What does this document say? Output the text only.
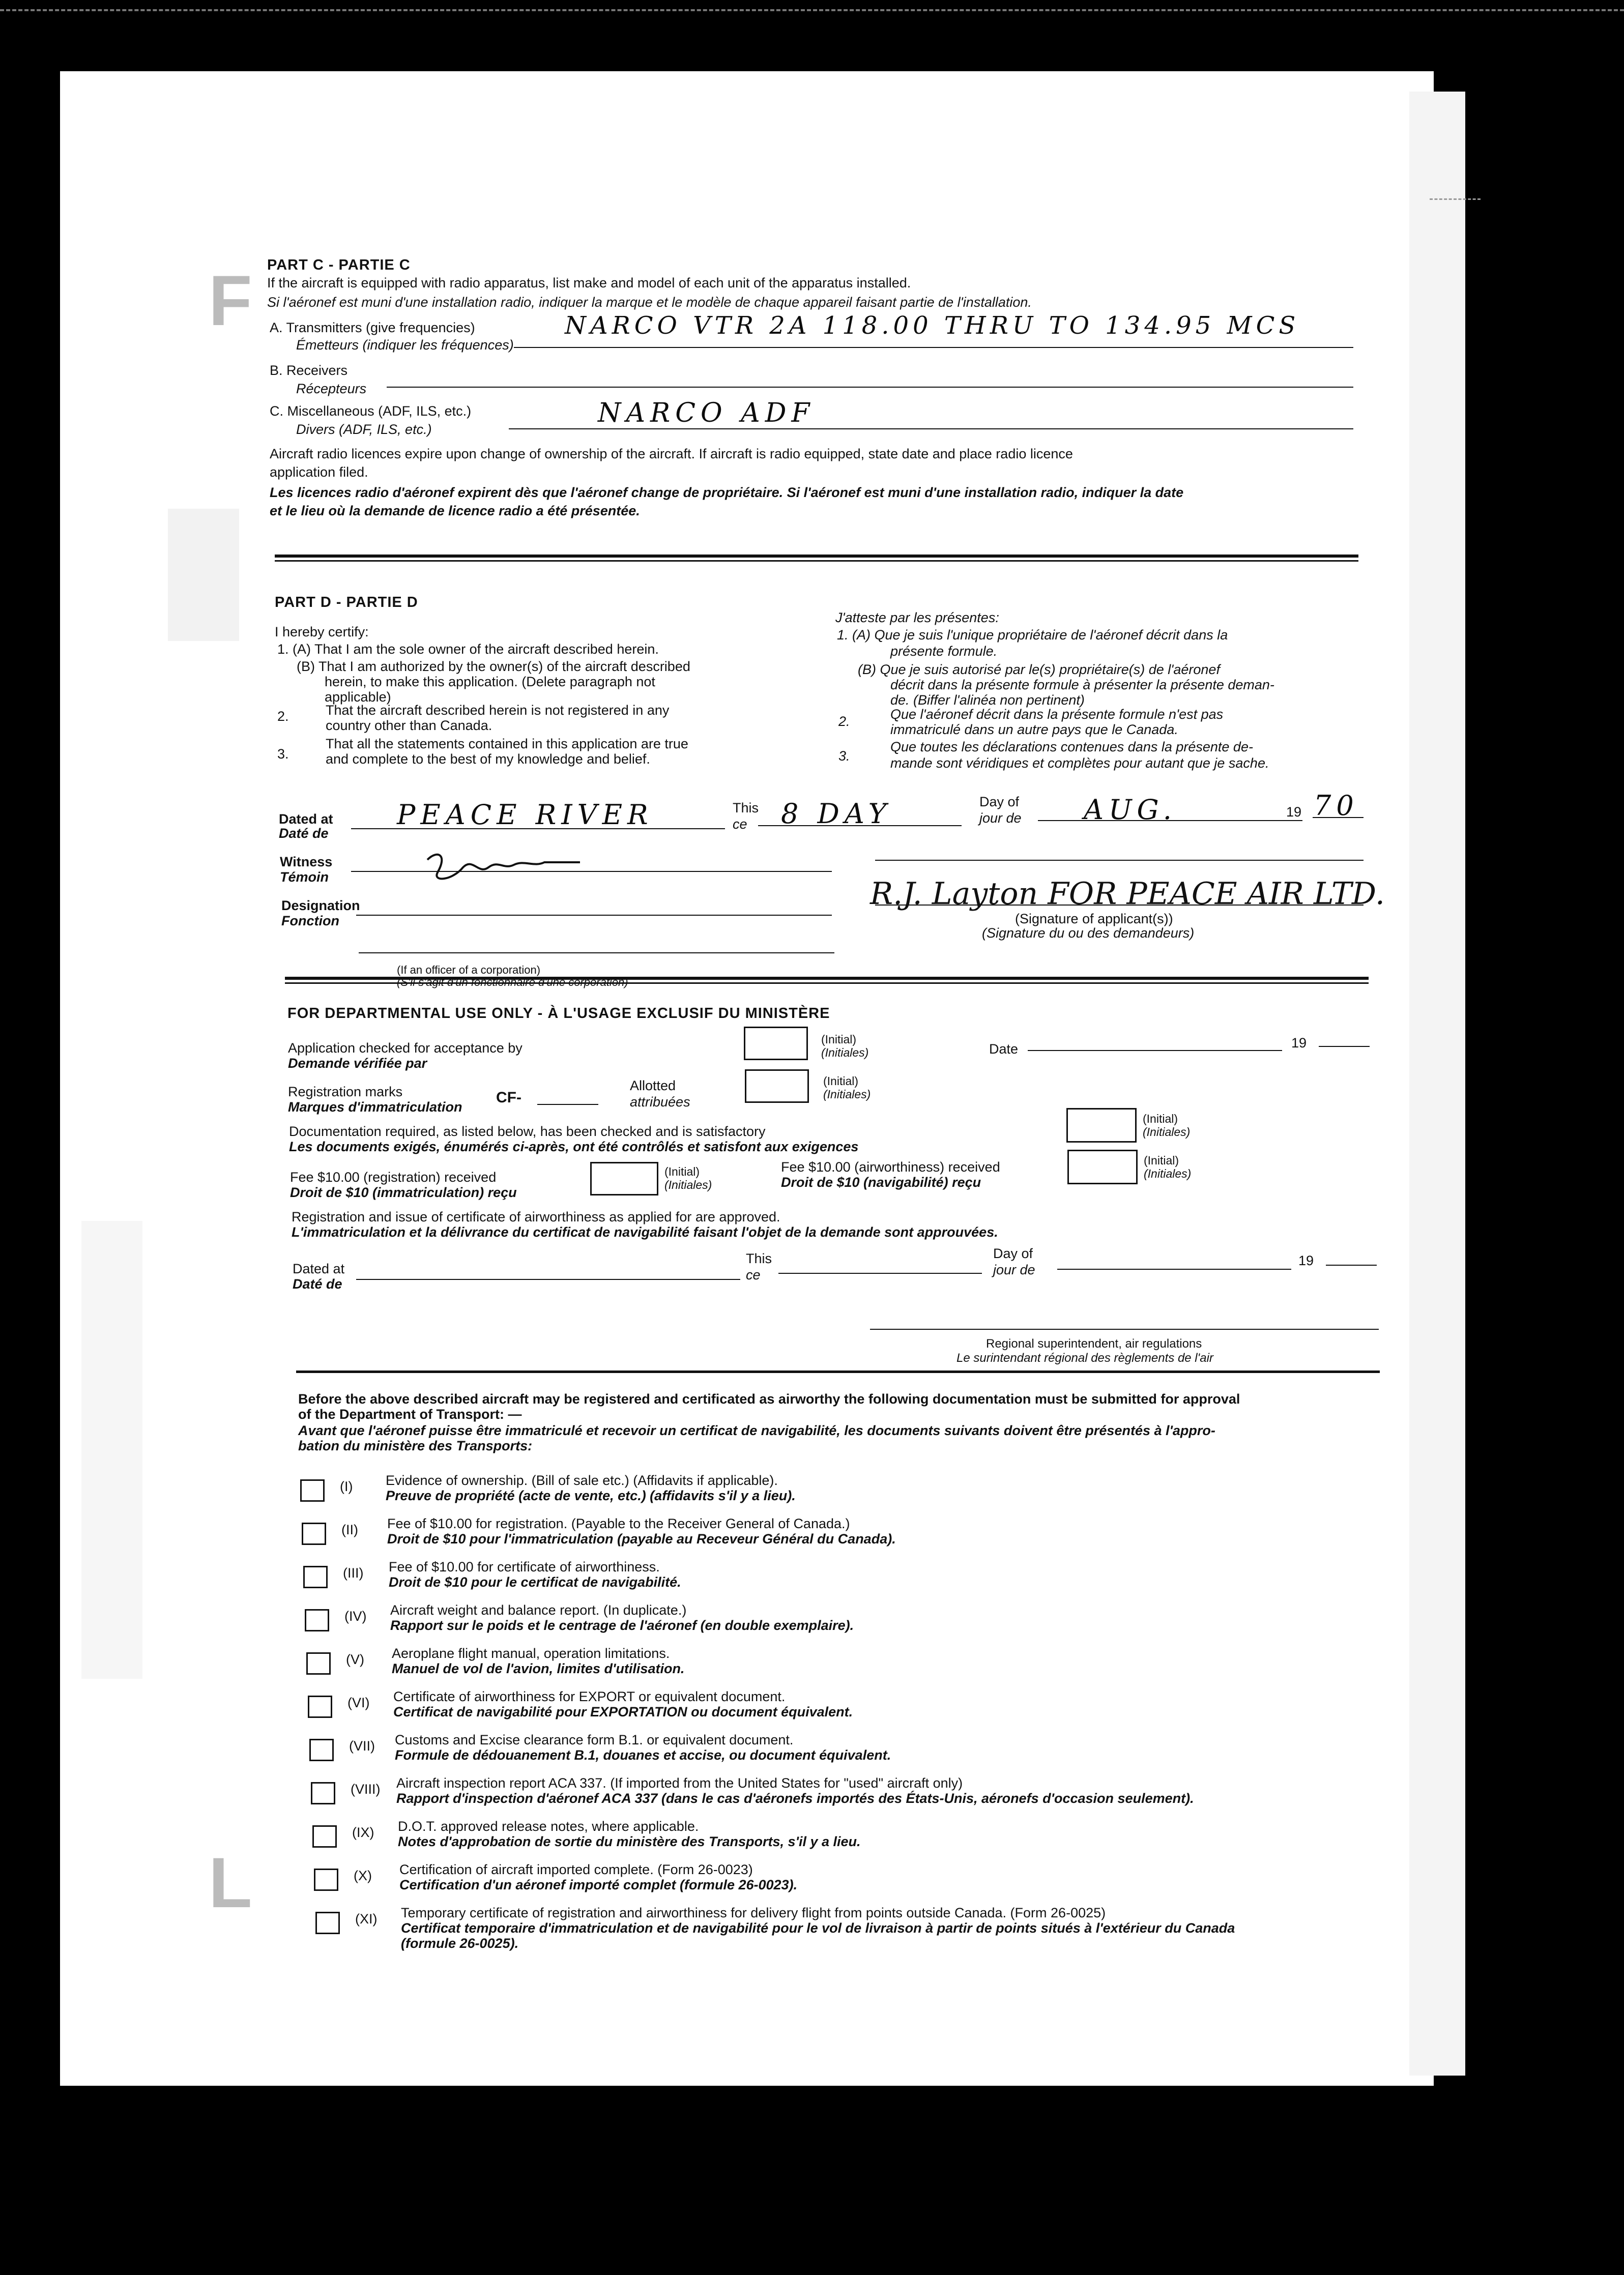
F
L
PART C - PARTIE C
If the aircraft is equipped with radio apparatus, list make and model of each unit of the apparatus installed.
Si l'aéronef est muni d'une installation radio, indiquer la marque et le modèle de chaque appareil faisant partie de l'installation.
A. Transmitters (give frequencies)
Émetteurs (indiquer les fréquences)
NARCO VTR 2A 118.00 THRU TO 134.95 MCS
B. Receivers
Récepteurs
C. Miscellaneous (ADF, ILS, etc.)
Divers (ADF, ILS, etc.)
NARCO ADF
Aircraft radio licences expire upon change of ownership of the aircraft. If aircraft is radio equipped, state date and place radio licence
application filed.
Les licences radio d'aéronef expirent dès que l'aéronef change de propriétaire. Si l'aéronef est muni d'une installation radio, indiquer la date
et le lieu où la demande de licence radio a été présentée.
PART D - PARTIE D
I hereby certify:
1. (A) That I am the sole owner of the aircraft described herein.
(B) That I am authorized by the owner(s) of the aircraft described
herein, to make this application. (Delete paragraph not
applicable)
2.	That the aircraft described herein is not registered in any
country other than Canada.
3.
That all the statements contained in this application are true
and complete to the best of my knowledge and belief.
J'atteste par les présentes:
1. (A) Que je suis l'unique propriétaire de l'aéronef décrit dans la
présente formule.
(B) Que je suis autorisé par le(s) propriétaire(s) de l'aéronef
décrit dans la présente formule à présenter la présente deman-
de. (Biffer l'alinéa non pertinent)
2.	Que l'aéronef décrit dans la présente formule n'est pas
immatriculé dans un autre pays que le Canada.
3.
Que toutes les déclarations contenues dans la présente de-
mande sont véridiques et complètes pour autant que je sache.
Dated at
Daté de
PEACE RIVER	This
ce 8 DAY	Day of
jour de AUG.	19 70
Witness
Témoin
Designation
Fonction
R.J. Layton FOR PEACE AIR LTD.
(Signature of applicant(s))
(Signature du ou des demandeurs)
(If an officer of a corporation)
(S'il s'agit d'un fonctionnaire d'une corporation)
FOR DEPARTMENTAL USE ONLY - À L'USAGE EXCLUSIF DU MINISTÈRE
Application checked for acceptance by
Demande vérifiée par
(Initial)
(Initiales)	Date	19
Registration marks
Marques d'immatriculation
CF-
Allotted
attribuées
(Initial)
(Initiales)
Documentation required, as listed below, has been checked and is satisfactory
Les documents exigés, énumérés ci-après, ont été contrôlés et satisfont aux exigences
(Initial)
(Initiales)
Fee $10.00 (registration) received
Droit de $10 (immatriculation) reçu
(Initial)
(Initiales)
Fee $10.00 (airworthiness) received
Droit de $10 (navigabilité) reçu
(Initial)
(Initiales)
Registration and issue of certificate of airworthiness as applied for are approved.
L'immatriculation et la délivrance du certificat de navigabilité faisant l'objet de la demande sont approuvées.
Dated at
Daté de
This
ce
Day of
jour de
19
Regional superintendent, air regulations
Le surintendant régional des règlements de l'air
Before the above described aircraft may be registered and certificated as airworthy the following documentation must be submitted for approval
of the Department of Transport: —
Avant que l'aéronef puisse être immatriculé et recevoir un certificat de navigabilité, les documents suivants doivent être présentés à l'appro-
bation du ministère des Transports:
(I) Evidence of ownership. (Bill of sale etc.) (Affidavits if applicable).
Preuve de propriété (acte de vente, etc.) (affidavits s'il y a lieu).
(II) Fee of $10.00 for registration. (Payable to the Receiver General of Canada.)
Droit de $10 pour l'immatriculation (payable au Receveur Général du Canada).
(III) Fee of $10.00 for certificate of airworthiness.
Droit de $10 pour le certificat de navigabilité.
(IV) Aircraft weight and balance report. (In duplicate.)
Rapport sur le poids et le centrage de l'aéronef (en double exemplaire).
(V) Aeroplane flight manual, operation limitations.
Manuel de vol de l'avion, limites d'utilisation.
(VI) Certificate of airworthiness for EXPORT or equivalent document.
Certificat de navigabilité pour EXPORTATION ou document équivalent.
(VII) Customs and Excise clearance form B.1. or equivalent document.
Formule de dédouanement B.1, douanes et accise, ou document équivalent.
(VIII) Aircraft inspection report ACA 337. (If imported from the United States for "used" aircraft only)
Rapport d'inspection d'aéronef ACA 337 (dans le cas d'aéronefs importés des États-Unis, aéronefs d'occasion seulement).
(IX) D.O.T. approved release notes, where applicable.
Notes d'approbation de sortie du ministère des Transports, s'il y a lieu.
(X) Certification of aircraft imported complete. (Form 26-0023)
Certification d'un aéronef importé complet (formule 26-0023).
(XI) Temporary certificate of registration and airworthiness for delivery flight from points outside Canada. (Form 26-0025)
Certificat temporaire d'immatriculation et de navigabilité pour le vol de livraison à partir de points situés à l'extérieur du Canada
(formule 26-0025).
